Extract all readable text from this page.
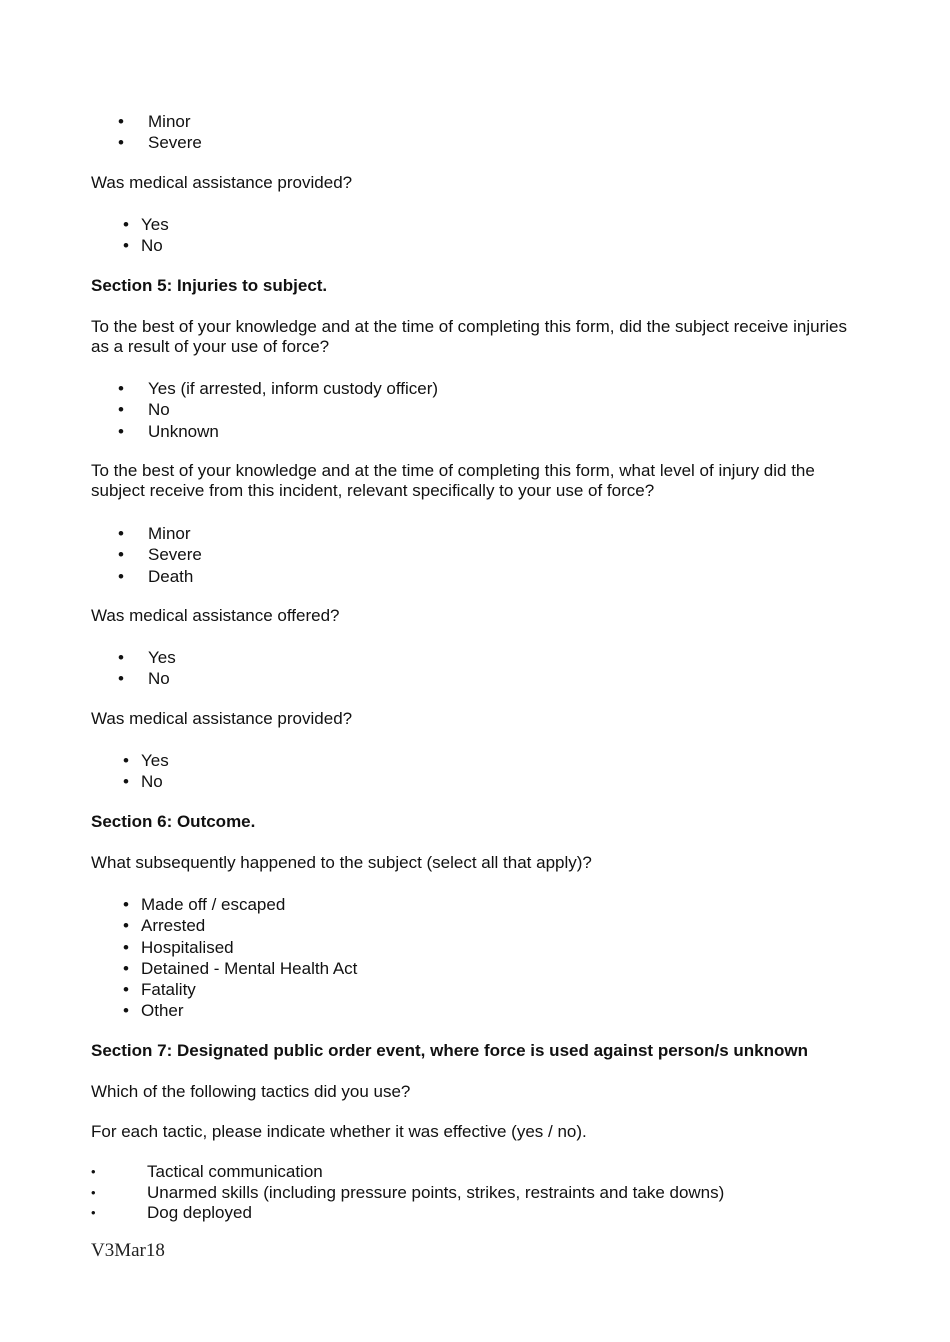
• Minor
• Severe

Was medical assistance provided?

• Yes
• No

Section 5: Injuries to subject.

To the best of your knowledge and at the time of completing this form, did the subject receive injuries as a result of your use of force?

• Yes (if arrested, inform custody officer)
• No
• Unknown

To the best of your knowledge and at the time of completing this form, what level of injury did the subject receive from this incident, relevant specifically to your use of force?

• Minor
• Severe
• Death

Was medical assistance offered?

• Yes
• No

Was medical assistance provided?

• Yes
• No

Section 6: Outcome.

What subsequently happened to the subject (select all that apply)?

• Made off / escaped
• Arrested
• Hospitalised
• Detained - Mental Health Act
• Fatality
• Other

Section 7: Designated public order event, where force is used against person/s unknown

Which of the following tactics did you use?

For each tactic, please indicate whether it was effective (yes / no).

• Tactical communication
• Unarmed skills (including pressure points, strikes, restraints and take downs)
• Dog deployed
V3Mar18
